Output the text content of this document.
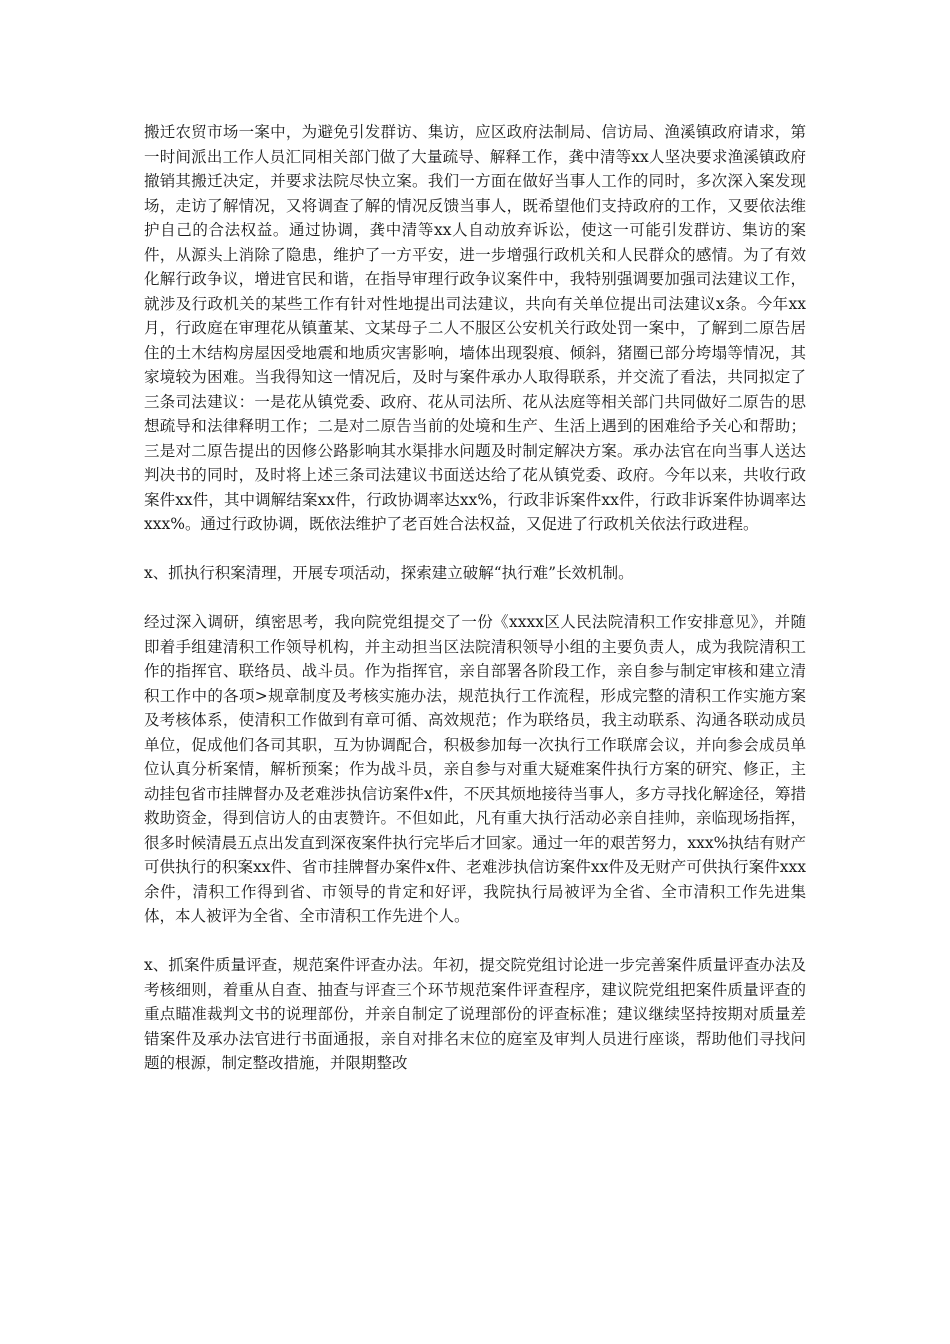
搬迁农贸市场一案中，为避免引发群访、集访，应区政府法制局、信访局、渔溪镇政府请求，第一时间派出工作人员汇同相关部门做了大量疏导、解释工作，龚中清等xx人坚决要求渔溪镇政府撤销其搬迁决定，并要求法院尽快立案。我们一方面在做好当事人工作的同时，多次深入案发现场，走访了解情况，又将调查了解的情况反馈当事人，既希望他们支持政府的工作，又要依法维护自己的合法权益。通过协调，龚中清等xx人自动放弃诉讼，使这一可能引发群访、集访的案件，从源头上消除了隐患，维护了一方平安，进一步增强行政机关和人民群众的感情。为了有效化解行政争议，增进官民和谐，在指导审理行政争议案件中，我特别强调要加强司法建议工作，就涉及行政机关的某些工作有针对性地提出司法建议，共向有关单位提出司法建议x条。今年xx月，行政庭在审理花从镇董某、文某母子二人不服区公安机关行政处罚一案中，了解到二原告居住的土木结构房屋因受地震和地质灾害影响，墙体出现裂痕、倾斜，猪圈已部分垮塌等情况，其家境较为困难。当我得知这一情况后，及时与案件承办人取得联系，并交流了看法，共同拟定了三条司法建议：一是花从镇党委、政府、花从司法所、花从法庭等相关部门共同做好二原告的思想疏导和法律释明工作；二是对二原告当前的处境和生产、生活上遇到的困难给予关心和帮助；三是对二原告提出的因修公路影响其水渠排水问题及时制定解决方案。承办法官在向当事人送达判决书的同时，及时将上述三条司法建议书面送达给了花从镇党委、政府。今年以来，共收行政案件xx件，其中调解结案xx件，行政协调率达xx%，行政非诉案件xx件，行政非诉案件协调率达xxx%。通过行政协调，既依法维护了老百姓合法权益，又促进了行政机关依法行政进程。

x、抓执行积案清理，开展专项活动，探索建立破解“执行难”长效机制。

经过深入调研，缜密思考，我向院党组提交了一份《xxxx区人民法院清积工作安排意见》，并随即着手组建清积工作领导机构，并主动担当区法院清积领导小组的主要负责人，成为我院清积工作的指挥官、联络员、战斗员。作为指挥官，亲自部署各阶段工作，亲自参与制定审核和建立清积工作中的各项>规章制度及考核实施办法，规范执行工作流程，形成完整的清积工作实施方案及考核体系，使清积工作做到有章可循、高效规范；作为联络员，我主动联系、沟通各联动成员单位，促成他们各司其职，互为协调配合，积极参加每一次执行工作联席会议，并向参会成员单位认真分析案情，解析预案；作为战斗员，亲自参与对重大疑难案件执行方案的研究、修正，主动挂包省市挂牌督办及老难涉执信访案件x件，不厌其烦地接待当事人，多方寻找化解途径，筹措救助资金，得到信访人的由衷赞许。不但如此，凡有重大执行活动必亲自挂帅，亲临现场指挥，很多时候清晨五点出发直到深夜案件执行完毕后才回家。通过一年的艰苦努力，xxx%执结有财产可供执行的积案xx件、省市挂牌督办案件x件、老难涉执信访案件xx件及无财产可供执行案件xxx余件，清积工作得到省、市领导的肯定和好评，我院执行局被评为全省、全市清积工作先进集体，本人被评为全省、全市清积工作先进个人。

x、抓案件质量评查，规范案件评查办法。年初，提交院党组讨论进一步完善案件质量评查办法及考核细则，着重从自查、抽查与评查三个环节规范案件评查程序，建议院党组把案件质量评查的重点瞄准裁判文书的说理部份，并亲自制定了说理部份的评查标准；建议继续坚持按期对质量差错案件及承办法官进行书面通报，亲自对排名末位的庭室及审判人员进行座谈，帮助他们寻找问题的根源，制定整改措施，并限期整改
